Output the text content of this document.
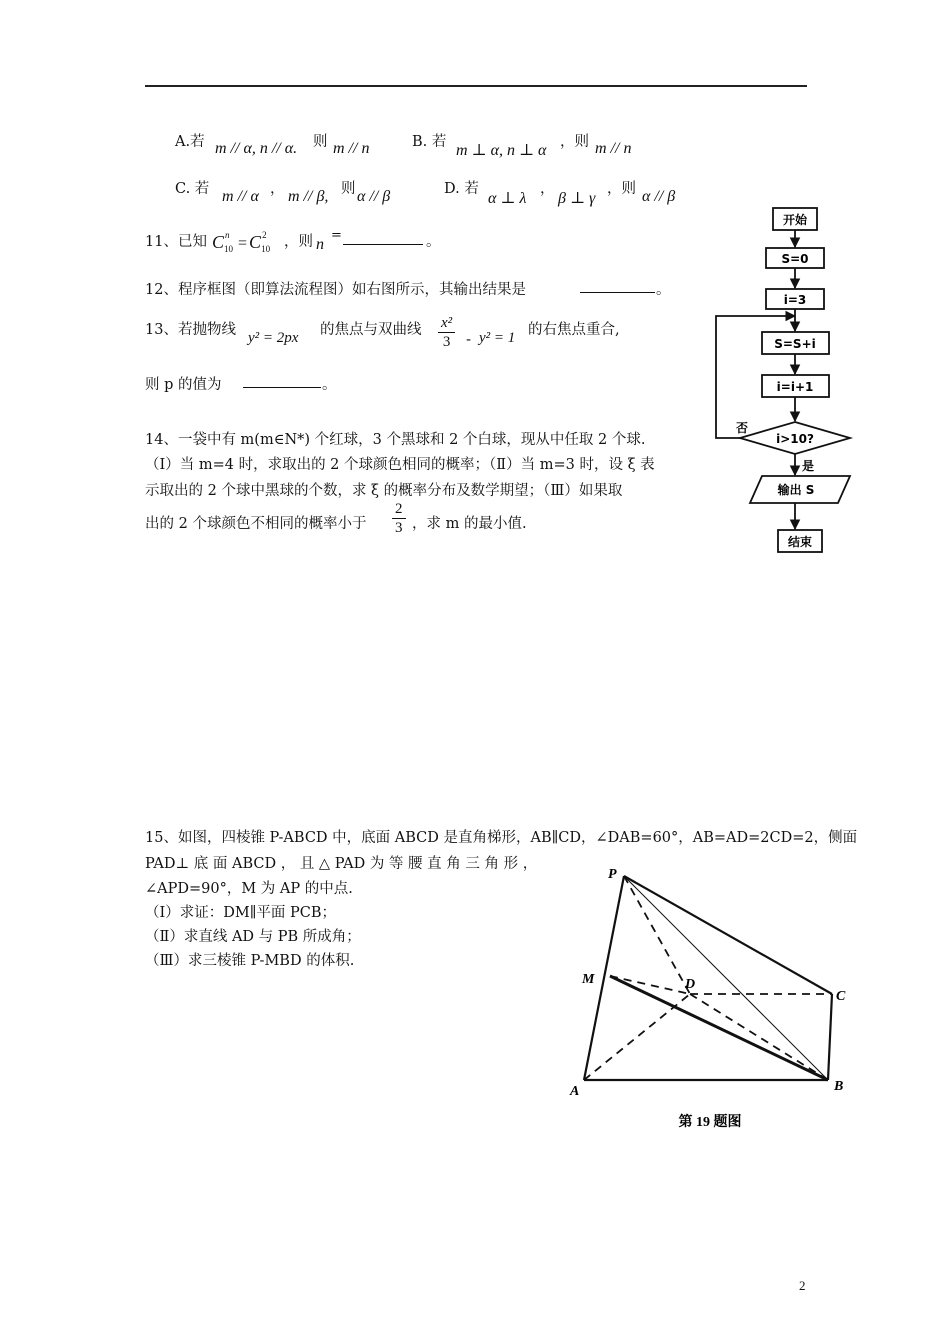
A.若 m // α, n // α. 则 m // n	B. 若 m ⊥ α, n ⊥ α ，则 m // n
C. 若 m // α ， m // β, 则 α // β	D. 若
α ⊥ λ
，
β ⊥ γ
，则 α // β
11、已知 C n
10 = C 2
10 ，则 n
=	。
12、程序框图（即算法流程图）如右图所示，其输出结果是	。
13、若抛物线 y² = 2px 的焦点与双曲线 $\frac{\text{x²}}{3} - y^2 = 1$ 的右焦点重合,
则 p 的值为	。
14、一袋中有 m(m∈N*) 个红球，3 个黑球和 2 个白球，现从中任取 2 个球.
（Ⅰ）当 m=4 时，求取出的 2 个球颜色相同的概率；（Ⅱ）当 m=3 时，设 ξ 表
示取出的 2 个球中黑球的个数，求 ξ 的概率分布及数学期望；（Ⅲ）如果取
出的 2 个球颜色不相同的概率小于 $\frac{2}{3}$ ，求 m 的最小值.
开始
S=0
i=3
S=S+i
i=i+1
i>10?
否
是
输出 S
结束
15、如图，四棱锥 P-ABCD 中，底面 ABCD 是直角梯形，AB∥CD，∠DAB=60°，AB=AD=2CD=2，侧面
PAD⊥ 底 面 ABCD ， 且 △ PAD 为 等 腰 直 角 三 角 形 ，
∠APD=90°，M 为 AP 的中点.
（Ⅰ）求证：DM∥平面 PCB；
（Ⅱ）求直线 AD 与 PB 所成角；
（Ⅲ）求三棱锥 P-MBD 的体积.
P
M	D
C
A	B
第 19 题图
2
